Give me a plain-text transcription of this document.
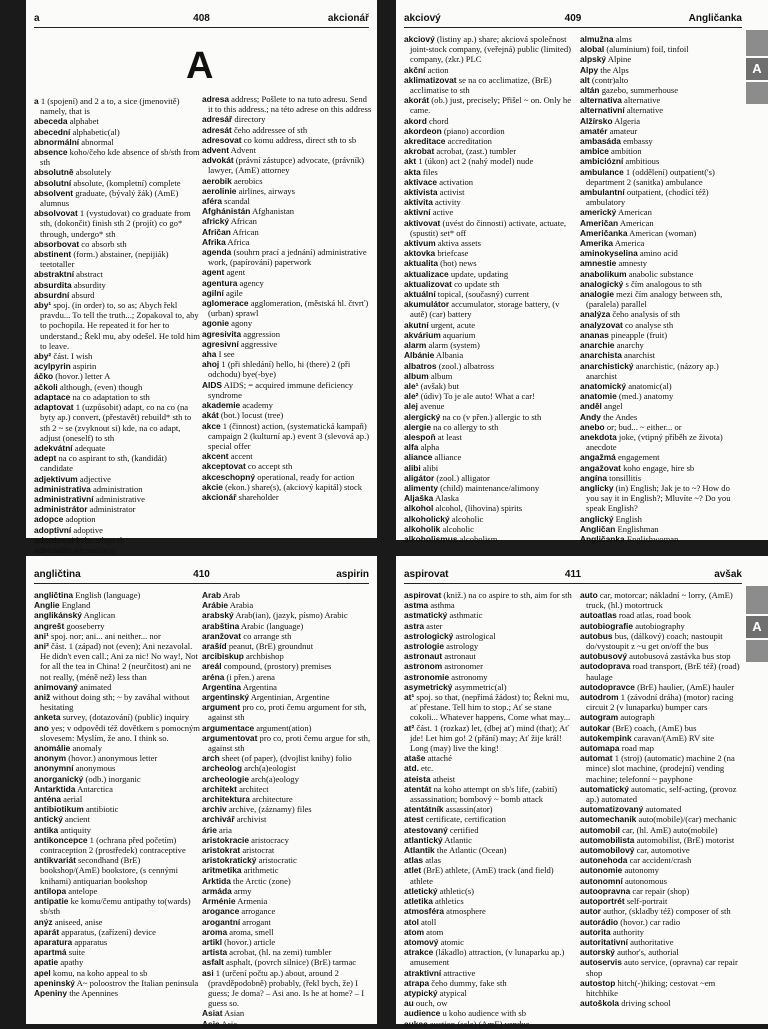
a	408	akcionář
A
a 1 (spojení) and 2 a to, a sice (jmenovitě) namely, that is
abeceda alphabet
abecední alphabetic(al)
abnormální abnormal
absence koho/čeho kde absence of sb/sth from sth
absolutně absolutely
absolutní absolute, (kompletní) complete
absolvent graduate, (bývalý žák) (AmE) alumnus
absolvovat 1 (vystudovat) co graduate from sth, (dokončit) finish sth 2 (projít) co go* through, undergo* sth
absorbovat co absorb sth
abstinent (form.) abstainer, (nepijiák) teetotaller
abstraktní abstract
absurdita absurdity
absurdní absurd
aby¹ spoj. (in order) to, so as; Abych řekl pravdu... To tell the truth...; Zopakoval to, aby to pochopila. He repeated it for her to understand.; Řekl mu, aby odešel. He told him to leave.
aby² část. I wish
acylpyrin aspirin
áčko (hovor.) letter A
ačkoli although, (even) though
adaptace na co adaptation to sth
adaptovat 1 (uzpůsobit) adapt, co na co (na byty ap.) convert, (přestavět) rebuild* sth to sth 2 ~ se (zvyknout si) kde, na co adapt, adjust (oneself) to sth
adekvátní adequate
adept na co aspirant to sth, (kandidát) candidate
adjektivum adjective
administrativa administration
administrativní administrative
administrátor administrator
adopce adoption
adoptivní adoptive
adoptovat koho adopt sb
adrenalin adrenalin(e)
adresa address; Pošlete to na tuto adresu. Send it to this address.; na této adrese on this address
adresář directory
adresát čeho addressee of sth
adresovat co komu address, direct sth to sb
advent Advent
advokát (právní zástupce) advocate, (právník) lawyer, (AmE) attorney
aerobik aerobics
aerolinie airlines, airways
aféra scandal
Afghánistán Afghanistan
africký African
Afričan African
Afrika Africa
agenda (souhrn prací a jednání) administrative work, (papírování) paperwork
agent agent
agentura agency
agilní agile
aglomerace agglomeration, (městská hl. čtvrť) (urban) sprawl
agonie agony
agresivita aggression
agresivní aggressive
aha I see
ahoj 1 (při shledání) hello, hi (there) 2 (při odchodu) bye(-bye)
AIDS AIDS; = acquired immune deficiency syndrome
akademie academy
akát (bot.) locust (tree)
akce 1 (činnost) action, (systematická kampaň) campaign 2 (kulturní ap.) event 3 (slevová ap.) special offer
akcent accent
akceptovat co accept sth
akceschopný operational, ready for action
akcie (ekon.) share(s), (akciový kapitál) stock
akcionář shareholder
akciový	409	Angličanka
A
akciový (listiny ap.) share; akciová společnost joint-stock company, (veřejná) public (limited) company, (zkr.) PLC
akční action
aklimatizovat se na co acclimatize, (BrE) acclimatise to sth
akorát (ob.) just, precisely; Přišel ~ on. Only he came.
akord chord
akordeon (piano) accordion
akreditace accreditation
akrobat acrobat, (zast.) tumbler
akt 1 (úkon) act 2 (nahý model) nude
akta files
aktivace activation
aktivista activist
aktivita activity
aktivní active
aktivovat (uvést do činnosti) activate, actuate, (spustit) set* off
aktivum aktiva assets
aktovka briefcase
aktualita (hot) news
aktualizace update, updating
aktualizovat co update sth
aktuální topical, (současný) current
akumulátor accumulator, storage battery, (v autě) (car) battery
akutní urgent, acute
akvárium aquarium
alarm alarm (system)
Albánie Albania
albatros (zool.) albatross
album album
ale¹ (avšak) but
ale² (údiv) To je ale auto! What a car!
alej avenue
alergický na co (v přen.) allergic to sth
alergie na co allergy to sth
alespoň at least
alfa alpha
aliance alliance
alibi alibi
aligátor (zool.) alligator
alimenty (child) maintenance/alimony
Aljaška Alaska
alkohol alcohol, (lihovina) spirits
alkoholický alcoholic
alkoholik alcoholic
alkoholismus alcoholism
almužna alms
alobal (aluminium) foil, tinfoil
alpský Alpine
Alpy the Alps
alt (contr)alto
altán gazebo, summerhouse
alternativa alternative
alternativní alternative
Alžírsko Algeria
amatér amateur
ambasáda embassy
ambice ambition
ambiciózní ambitious
ambulance 1 (oddělení) outpatient('s) department 2 (sanitka) ambulance
ambulantní outpatient, (chodící též) ambulatory
americký American
Američan American
Američanka American (woman)
Amerika America
aminokyselina amino acid
amnestie amnesty
anabolikum anabolic substance
analogický s čím analogous to sth
analogie mezi čím analogy between sth, (paralela) parallel
analýza čeho analysis of sth
analyzovat co analyse sth
ananas pineapple (fruit)
anarchie anarchy
anarchista anarchist
anarchistický anarchistic, (názory ap.) anarchist
anatomický anatomic(al)
anatomie (med.) anatomy
anděl angel
Andy the Andes
anebo or; bud... ~ either... or
anekdota joke, (vtipný příběh ze života) anecdote
angažmá engagement
angažovat koho engage, hire sb
angína tonsillitis
anglicky (in) English; Jak je to ~? How do you say it in English?; Mluvíte ~? Do you speak English?
anglický English
Angličan Englishman
Angličanka Englishwoman
angličtina	410	aspirin
angličtina English (language)
Anglie England
anglikánský Anglican
angrešt gooseberry
ani¹ spoj. nor; ani... ani neither... nor
ani² část. 1 (západ) not (even); Ani nezavolal. He didn't even call.; Ani za nic! No way!, Not for all the tea in China! 2 (neurčitost) ani ne not really, (méně než) less than
animovaný animated
aniž without doing sth; ~ by zaváhal without hesitating
anketa survey, (dotazování) (public) inquiry
ano yes; v odpovědi též dovětkem s pomocným slovesem: Myslím, že ano. I think so.
anomálie anomaly
anonym (hovor.) anonymous letter
anonymní anonymous
anorganický (odb.) inorganic
Antarktida Antarctica
anténa aerial
antibiotikum antibiotic
antický ancient
antika antiquity
antikoncepce 1 (ochrana před početím) contraception 2 (prostředek) contraceptive
antikvariát secondhand (BrE) bookshop/(AmE) bookstore, (s cennými knihami) antiquarian bookshop
antilopa antelope
antipatie ke komu/čemu antipathy to(wards) sb/sth
anýz aniseed, anise
aparát apparatus, (zařízení) device
aparatura apparatus
apartmá suite
apatie apathy
apel komu, na koho appeal to sb
apeninský A~ poloostrov the Italian peninsula
Apeniny the Apennines
Arab Arab
Arábie Arabia
arabský Arab(ian), (jazyk, písmo) Arabic
arabština Arabic (language)
aranžovat co arrange sth
arašíd peanut, (BrE) groundnut
arcibiskup archbishop
areál compound, (prostory) premises
aréna (i přen.) arena
Argentina Argentina
argentinský Argentinian, Argentine
argument pro co, proti čemu argument for sth, against sth
argumentace argument(ation)
argumentovat pro co, proti čemu argue for sth, against sth
arch sheet (of paper), (dvojlist knihy) folio
archeolog arch(a)eologist
archeologie arch(a)eology
architekt architect
architektura architecture
archiv archive, (záznamy) files
archivář archivist
árie aria
aristokracie aristocracy
aristokrat aristocrat
aristokratický aristocratic
aritmetika arithmetic
Arktida the Arctic (zone)
armáda army
Arménie Armenia
arogance arrogance
arogantní arrogant
aroma aroma, smell
artikl (hovor.) article
artista acrobat, (hl. na zemi) tumbler
asfalt asphalt, (povrch silnice) (BrE) tarmac
asi 1 (určení počtu ap.) about, around 2 (pravděpodobně) probably, (řekl bych, že) I guess; Je doma? – Asi ano. Is he at home? – I guess so.
Asiat Asian
Asie Asia
aspirovat	411	avšak
A
aspirovat (kniž.) na co aspire to sth, aim for sth
astma asthma
astmatický asthmatic
astra aster
astrologický astrological
astrologie astrology
astronaut astronaut
astronom astronomer
astronomie astronomy
asymetrický asymmetric(al)
at¹ spoj. so that, (nepřímá žádost) to; Řekni mu, ať přestane. Tell him to stop.; Ať se stane cokoli... Whatever happens, Come what may...
at² část. 1 (rozkaz) let, (dbej ať) mind (that); Ať jde! Let him go! 2 (přání) may; Ať žije král! Long (may) live the king!
ataše attaché
atd. etc.
ateista atheist
atentát na koho attempt on sb's life, (zabití) assassination; bombový ~ bomb attack
atentátník assassin(ator)
atest certificate, certification
atestovaný certified
atlantický Atlantic
Atlantik the Atlantic (Ocean)
atlas atlas
atlet (BrE) athlete, (AmE) track (and field) athlete
atletický athletic(s)
atletika athletics
atmosféra atmosphere
atol atoll
atom atom
atomový atomic
atrakce (lákadlo) attraction, (v lunaparku ap.) amusement
atraktivní attractive
atrapa čeho dummy, fake sth
atypický atypical
au ouch, ow
audience u koho audience with sb
aukce auction (sale) (AmE) vendue
auto car, motorcar; nákladní ~ lorry, (AmE) truck, (hl.) motortruck
autoatlas road atlas, road book
autobiografie autobiography
autobus bus, (dálkový) coach; nastoupit do/vystoupit z ~u get on/off the bus
autobusový autobusová zastávka bus stop
autodoprava road transport, (BrE též) (road) haulage
autodopravce (BrE) haulier, (AmE) hauler
autodrom 1 (závodní dráha) (motor) racing circuit 2 (v lunaparku) bumper cars
autogram autograph
autokar (BrE) coach, (AmE) bus
autokempink caravan/(AmE) RV site
automapa road map
automat 1 (stroj) (automatic) machine 2 (na mince) slot machine, (prodejní) vending machine; telefonní ~ payphone
automatický automatic, self-acting, (provoz ap.) automated
automatizovaný automated
automechanik auto(mobile)/(car) mechanic
automobil car, (hl. AmE) auto(mobile)
automobilista automobilist, (BrE) motorist
automobilový car, automotive
autonehoda car accident/crash
autonomie autonomy
autonomní autonomous
autoopravna car repair (shop)
autoportrét self-portrait
autor author, (skladby též) composer of sth
autorádio (hovor.) car radio
autorita authority
autoritativní authoritative
autorský author's, authorial
autoservis auto service, (opravna) car repair shop
autostop hitch(-)hiking; cestovat ~em hitchhike
autoškola driving school
